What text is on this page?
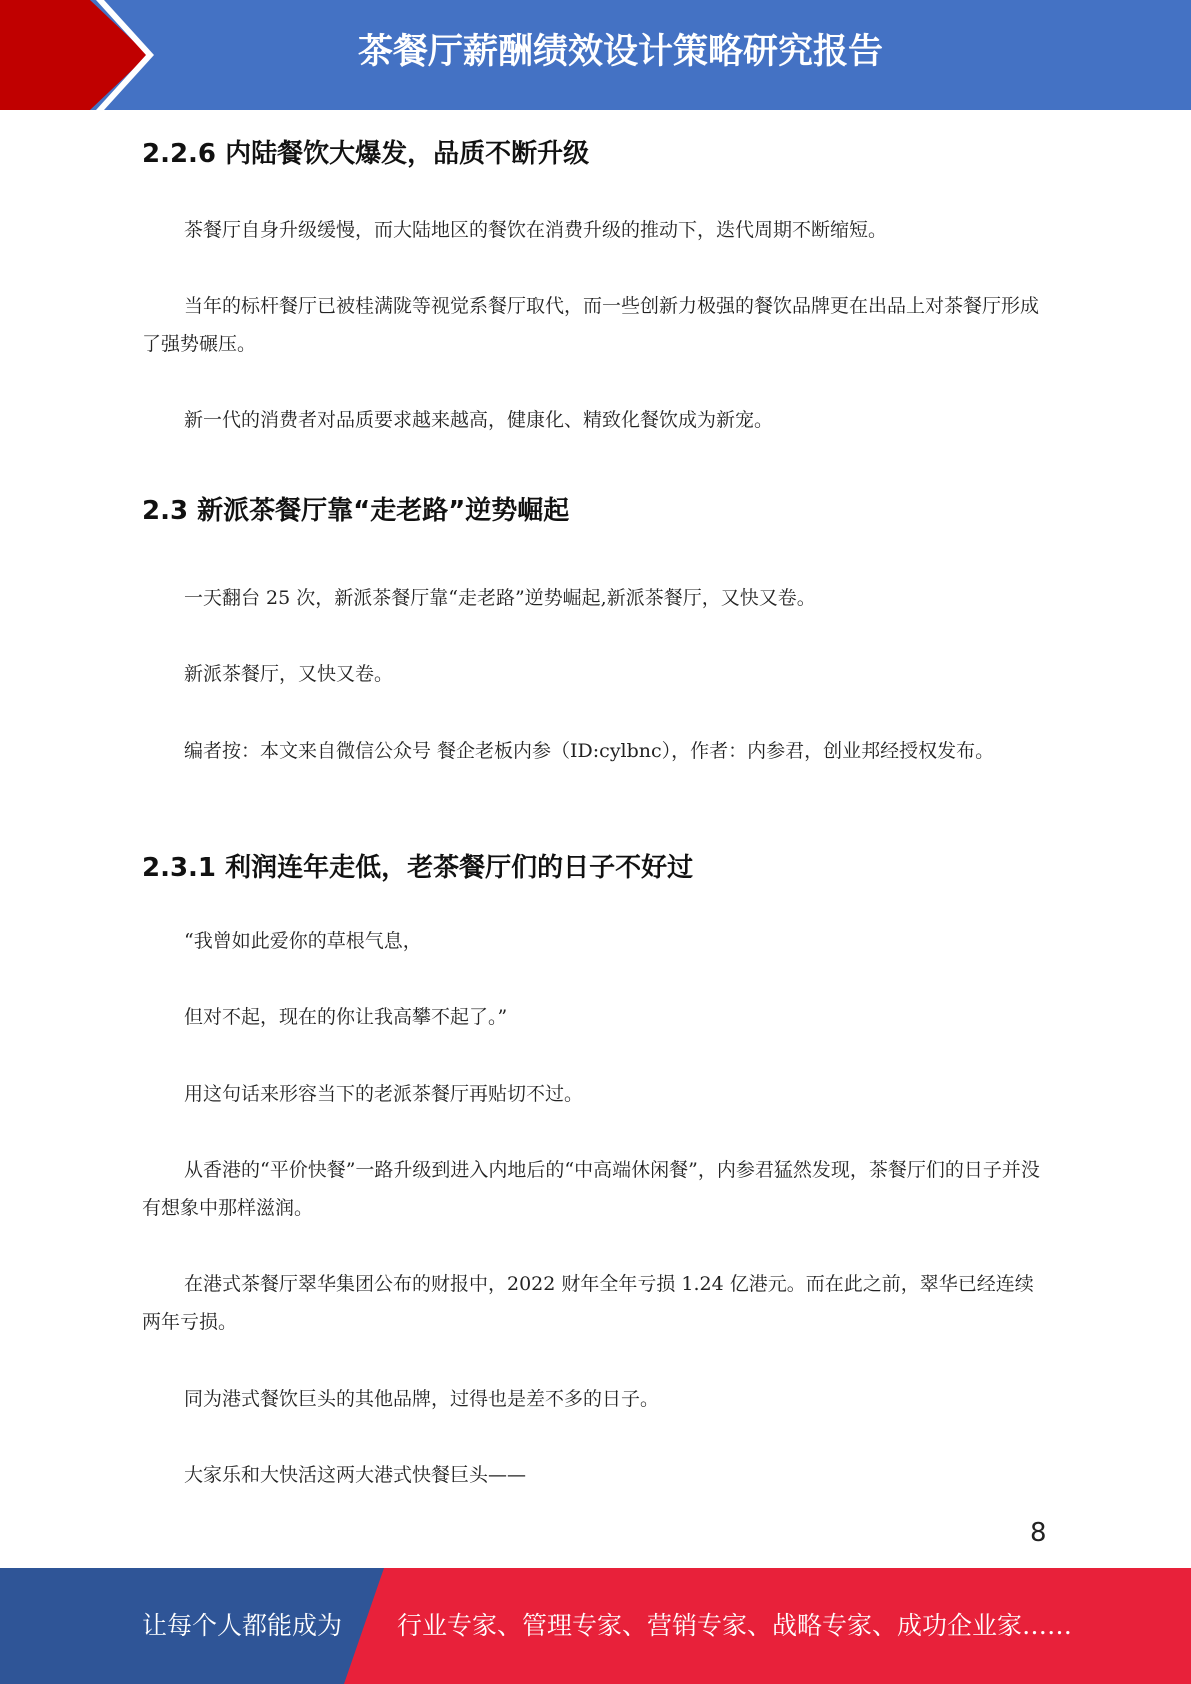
茶餐厅薪酬绩效设计策略研究报告
2.2.6 内陆餐饮大爆发，品质不断升级
茶餐厅自身升级缓慢，而大陆地区的餐饮在消费升级的推动下，迭代周期不断缩短。
当年的标杆餐厅已被桂满陇等视觉系餐厅取代，而一些创新力极强的餐饮品牌更在出品上对茶餐厅形成了强势碾压。
新一代的消费者对品质要求越来越高，健康化、精致化餐饮成为新宠。
2.3 新派茶餐厅靠“走老路”逆势崛起
一天翻台 25 次，新派茶餐厅靠“走老路”逆势崛起,新派茶餐厅，又快又卷。
新派茶餐厅，又快又卷。
编者按：本文来自微信公众号 餐企老板内参（ID:cylbnc），作者：内参君，创业邦经授权发布。
2.3.1 利润连年走低，老茶餐厅们的日子不好过
“我曾如此爱你的草根气息，
但对不起，现在的你让我高攀不起了。”
用这句话来形容当下的老派茶餐厅再贴切不过。
从香港的“平价快餐”一路升级到进入内地后的“中高端休闲餐”，内参君猛然发现，茶餐厅们的日子并没有想象中那样滋润。
在港式茶餐厅翠华集团公布的财报中，2022 财年全年亏损 1.24 亿港元。而在此之前，翠华已经连续两年亏损。
同为港式餐饮巨头的其他品牌，过得也是差不多的日子。
大家乐和大快活这两大港式快餐巨头——
8
让每个人都能成为 行业专家、管理专家、营销专家、战略专家、成功企业家……
